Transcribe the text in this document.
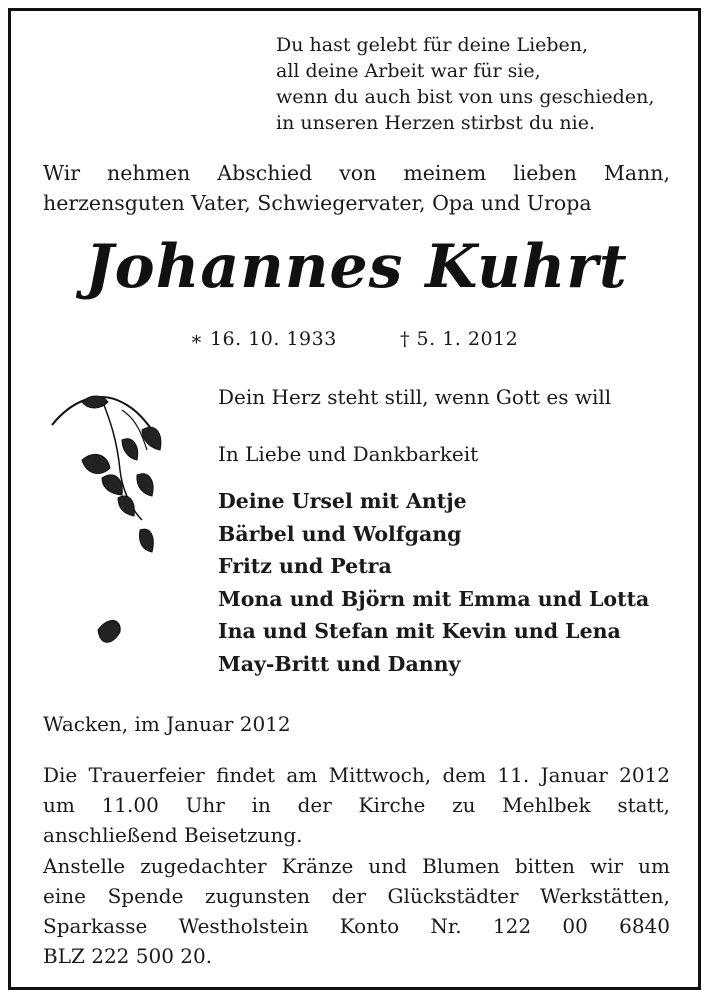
Du hast gelebt für deine Lieben,
all deine Arbeit war für sie,
wenn du auch bist von uns geschieden,
in unseren Herzen stirbst du nie.
Wir nehmen Abschied von meinem lieben Mann,
herzensguten Vater, Schwiegervater, Opa und Uropa
Johannes Kuhrt
∗ 16. 10. 1933	† 5. 1. 2012
Dein Herz steht still, wenn Gott es will
In Liebe und Dankbarkeit
Deine Ursel mit Antje
Bärbel und Wolfgang
Fritz und Petra
Mona und Björn mit Emma und Lotta
Ina und Stefan mit Kevin und Lena
May-Britt und Danny
Wacken, im Januar 2012
Die Trauerfeier findet am Mittwoch, dem 11. Januar 2012
um 11.00 Uhr in der Kirche zu Mehlbek statt,
anschließend Beisetzung.
Anstelle zugedachter Kränze und Blumen bitten wir um
eine Spende zugunsten der Glückstädter Werkstätten,
Sparkasse Westholstein Konto Nr. 122 00 6840
BLZ 222 500 20.
